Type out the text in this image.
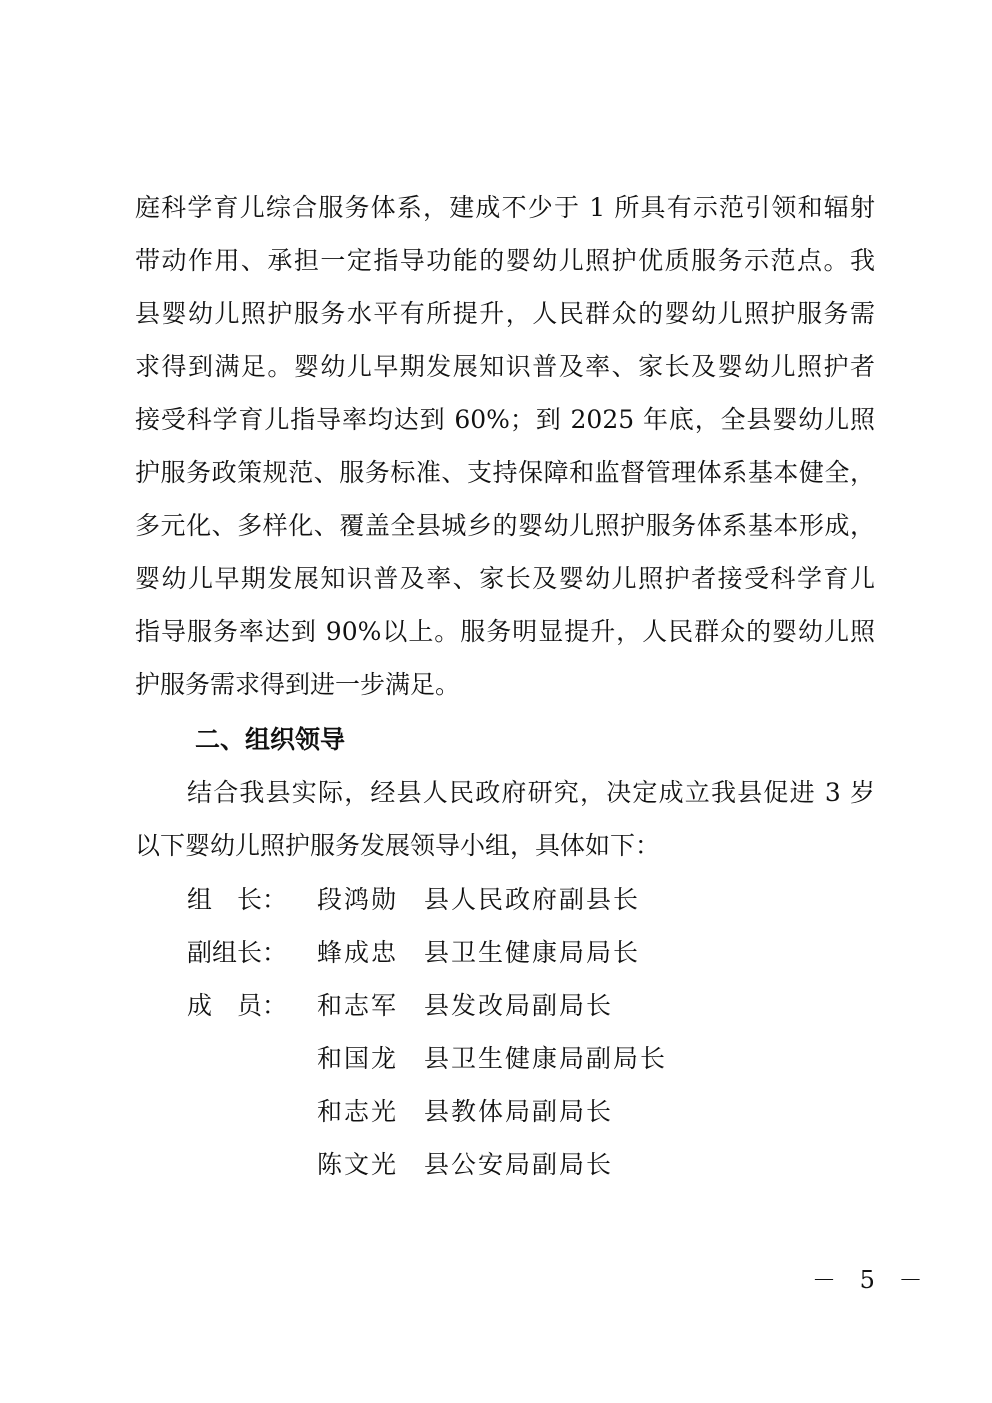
庭科学育儿综合服务体系，建成不少于 1 所具有示范引领和辐射
带动作用、承担一定指导功能的婴幼儿照护优质服务示范点。我
县婴幼儿照护服务水平有所提升，人民群众的婴幼儿照护服务需
求得到满足。婴幼儿早期发展知识普及率、家长及婴幼儿照护者
接受科学育儿指导率均达到 60%；到 2025 年底，全县婴幼儿照
护服务政策规范、服务标准、支持保障和监督管理体系基本健全，
多元化、多样化、覆盖全县城乡的婴幼儿照护服务体系基本形成，
婴幼儿早期发展知识普及率、家长及婴幼儿照护者接受科学育儿
指导服务率达到 90%以上。服务明显提升，人民群众的婴幼儿照
护服务需求得到进一步满足。
二、组织领导
结合我县实际，经县人民政府研究，决定成立我县促进 3 岁
以下婴幼儿照护服务发展领导小组，具体如下：
组　长： 段鸿勋 县人民政府副县长
副组长： 蜂成忠 县卫生健康局局长
成　员： 和志军 县发改局副局长
和国龙 县卫生健康局副局长
和志光 县教体局副局长
陈文光 县公安局副局长
－ 5 －
